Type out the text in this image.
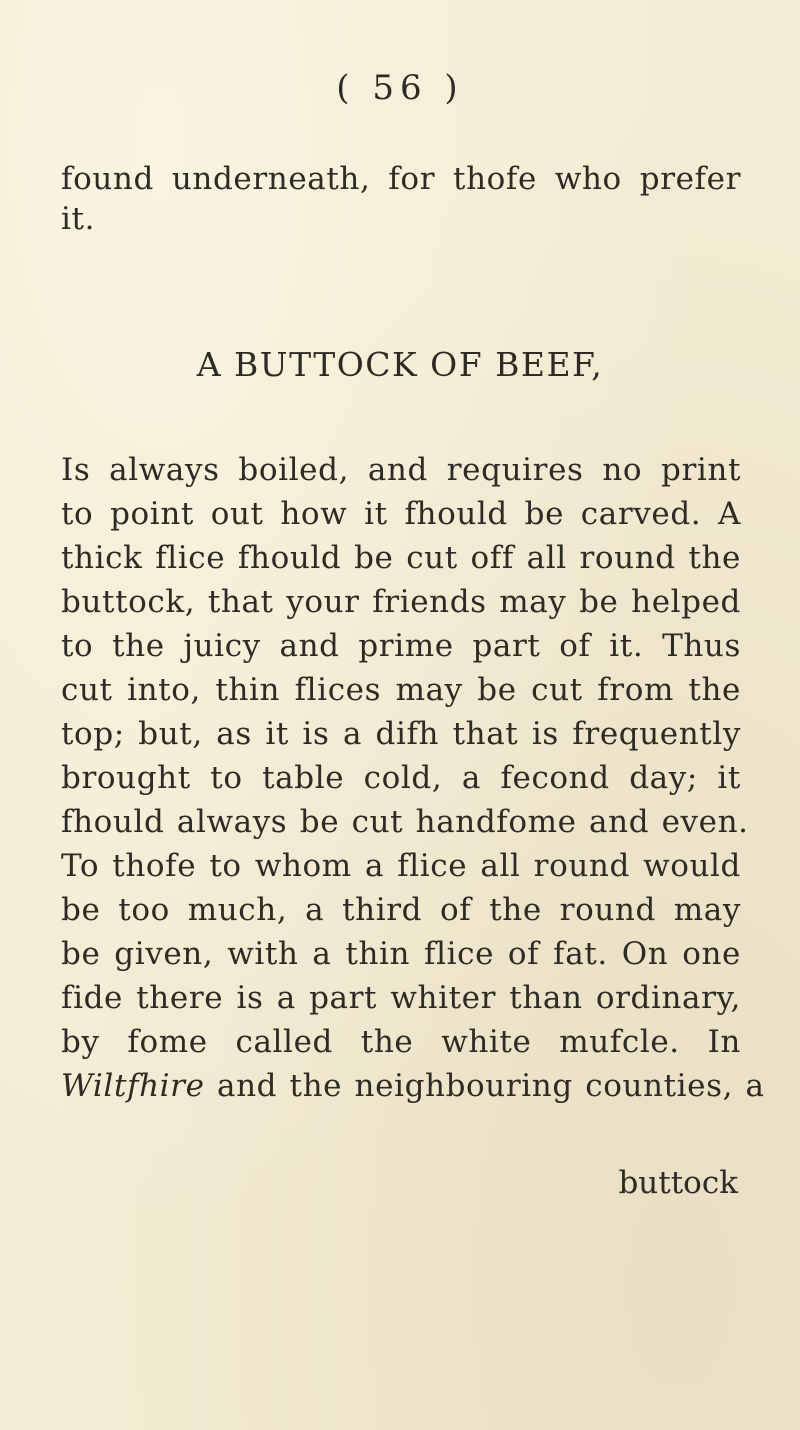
( 56 )
found underneath, for thofe who prefer
it.
A BUTTOCK OF BEEF,
Is always boiled, and requires no print
to point out how it fhould be carved. A
thick flice fhould be cut off all round the
buttock, that your friends may be helped
to the juicy and prime part of it. Thus
cut into, thin flices may be cut from the
top; but, as it is a difh that is frequently
brought to table cold, a fecond day; it
fhould always be cut handfome and even.
To thofe to whom a flice all round would
be too much, a third of the round may
be given, with a thin flice of fat. On one
fide there is a part whiter than ordinary,
by fome called the white mufcle. In
Wiltfhire and the neighbouring counties, a
buttock
